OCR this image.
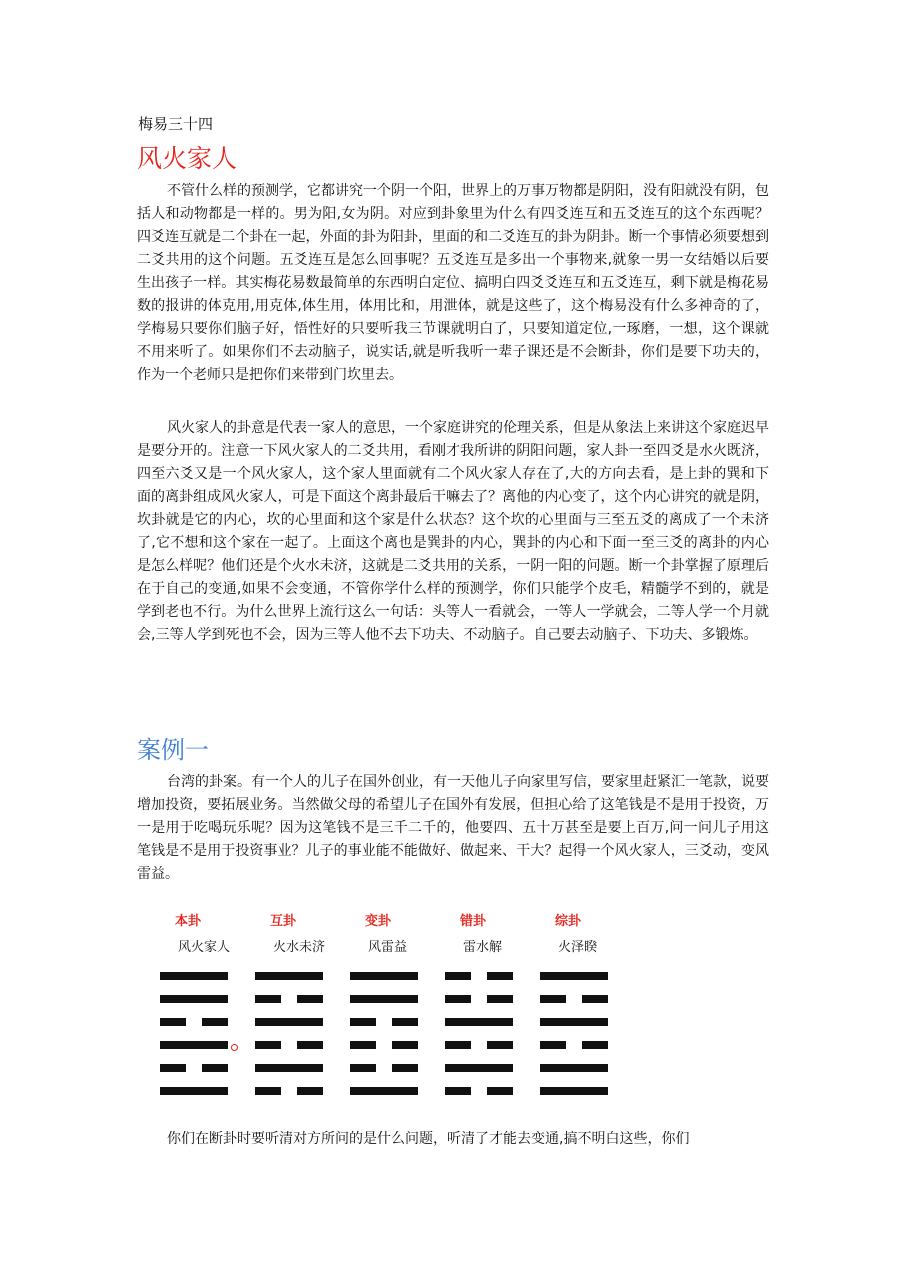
梅易三十四
风火家人

不管什么样的预测学，它都讲究一个阴一个阳，世界上的万事万物都是阴阳，没有阳就没有阴，包括人和动物都是一样的。男为阳,女为阴。对应到卦象里为什么有四爻连互和五爻连互的这个东西呢？四爻连互就是二个卦在一起，外面的卦为阳卦，里面的和二爻连互的卦为阴卦。断一个事情必须要想到二爻共用的这个问题。五爻连互是怎么回事呢？五爻连互是多出一个事物来,就象一男一女结婚以后要生出孩子一样。其实梅花易数最简单的东西明白定位、搞明白四爻爻连互和五爻连互，剩下就是梅花易数的报讲的体克用,用克体,体生用，体用比和，用泄体，就是这些了，这个梅易没有什么多神奇的了，学梅易只要你们脑子好，悟性好的只要听我三节课就明白了，只要知道定位,一琢磨，一想，这个课就不用来听了。如果你们不去动脑子，说实话,就是听我听一辈子课还是不会断卦，你们是要下功夫的，作为一个老师只是把你们来带到门坎里去。

风火家人的卦意是代表一家人的意思，一个家庭讲究的伦理关系，但是从象法上来讲这个家庭迟早是要分开的。注意一下风火家人的二爻共用，看刚才我所讲的阴阳问题，家人卦一至四爻是水火既济，四至六爻又是一个风火家人，这个家人里面就有二个风火家人存在了,大的方向去看，是上卦的巽和下面的离卦组成风火家人，可是下面这个离卦最后干嘛去了？离他的内心变了，这个内心讲究的就是阴，坎卦就是它的内心，坎的心里面和这个家是什么状态？这个坎的心里面与三至五爻的离成了一个未济了,它不想和这个家在一起了。上面这个离也是巽卦的内心，巽卦的内心和下面一至三爻的离卦的内心是怎么样呢？他们还是个火水未济，这就是二爻共用的关系，一阴一阳的问题。断一个卦掌握了原理后在于自己的变通,如果不会变通，不管你学什么样的预测学，你们只能学个皮毛，精髓学不到的，就是学到老也不行。为什么世界上流行这么一句话：头等人一看就会，一等人一学就会，二等人学一个月就会,三等人学到死也不会，因为三等人他不去下功夫、不动脑子。自己要去动脑子、下功夫、多锻炼。

案例一

台湾的卦案。有一个人的儿子在国外创业，有一天他儿子向家里写信，要家里赶紧汇一笔款，说要增加投资，要拓展业务。当然做父母的希望儿子在国外有发展，但担心给了这笔钱是不是用于投资，万一是用于吃喝玩乐呢？因为这笔钱不是三千二千的，他要四、五十万甚至是要上百万,问一问儿子用这笔钱是不是用于投资事业？儿子的事业能不能做好、做起来、干大？起得一个风火家人，三爻动，变风雷益。

本卦
风火家人
互卦
火水未济
变卦
风雷益
错卦
雷水解
综卦
火泽睽

你们在断卦时要听清对方所问的是什么问题，听清了才能去变通,搞不明白这些，你们
